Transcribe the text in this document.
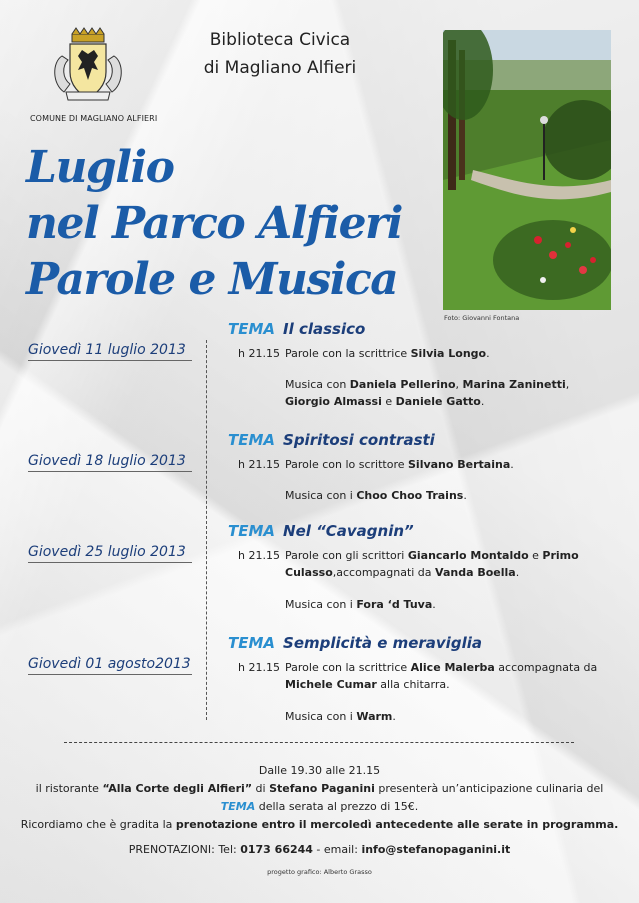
COMUNE DI MAGLIANO ALFIERI
Biblioteca Civica
di Magliano Alfieri
Foto: Giovanni Fontana
Luglio
nel Parco Alfieri
Parole e Musica
TEMA Il classico
Giovedì 11 luglio 2013	h 21.15 Parole con la scrittrice Silvia Longo.
Musica con Daniela Pellerino, Marina Zaninetti, Giorgio Almassi e Daniele Gatto.
TEMA Spiritosi contrasti
Giovedì 18 luglio 2013	h 21.15 Parole con lo scrittore Silvano Bertaina.
Musica con i Choo Choo Trains.
TEMA Nel “Cavagnin”
Giovedì 25 luglio 2013	h 21.15 Parole con gli scrittori Giancarlo Montaldo e Primo Culasso,accompagnati da Vanda Boella.
Musica con i Fora ‘d Tuva.
TEMA Semplicità e meraviglia
Giovedì 01 agosto2013	h 21.15 Parole con la scrittrice Alice Malerba accompagnata da Michele Cumar alla chitarra.
Musica con i Warm.
Dalle 19.30 alle 21.15
il ristorante “Alla Corte degli Alfieri” di Stefano Paganini presenterà un’anticipazione culinaria del
TEMA della serata al prezzo di 15€.
Ricordiamo che è gradita la prenotazione entro il mercoledì antecedente alle serate in programma.
PRENOTAZIONI: Tel: 0173 66244 - email: info@stefanopaganini.it
progetto grafico: Alberto Grasso
